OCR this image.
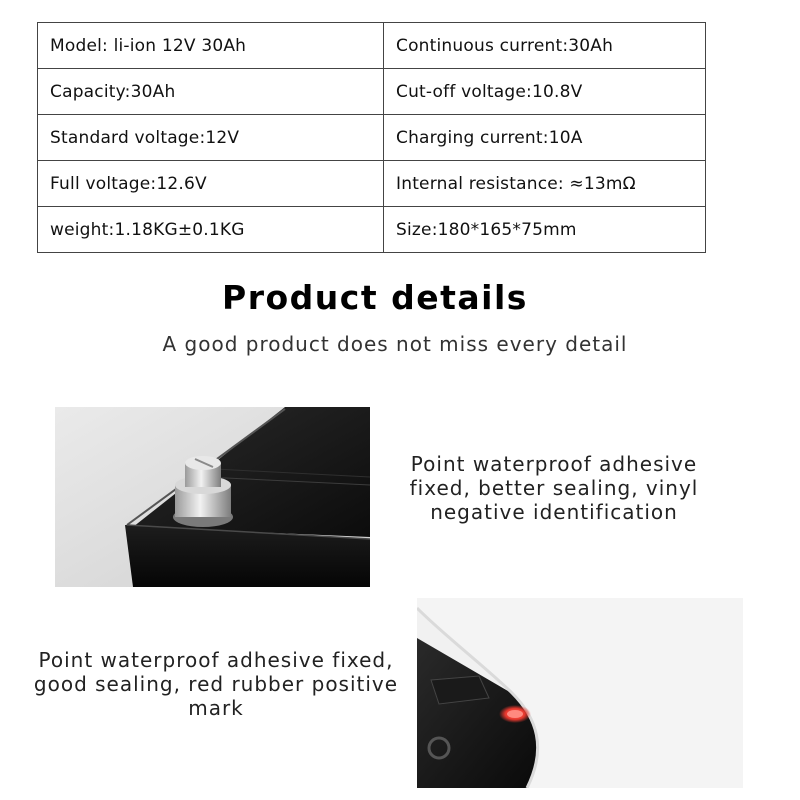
Model: li-ion 12V 30Ah	Continuous current:30Ah
Capacity:30Ah	Cut-off voltage:10.8V
Standard voltage:12V	Charging current:10A
Full voltage:12.6V	Internal resistance: ≈13mΩ
weight:1.18KG±0.1KG	Size:180*165*75mm
Product details
A good product does not miss every detail
Point waterproof adhesive fixed, better sealing, vinyl negative identification
Point waterproof adhesive fixed, good sealing, red rubber positive mark
